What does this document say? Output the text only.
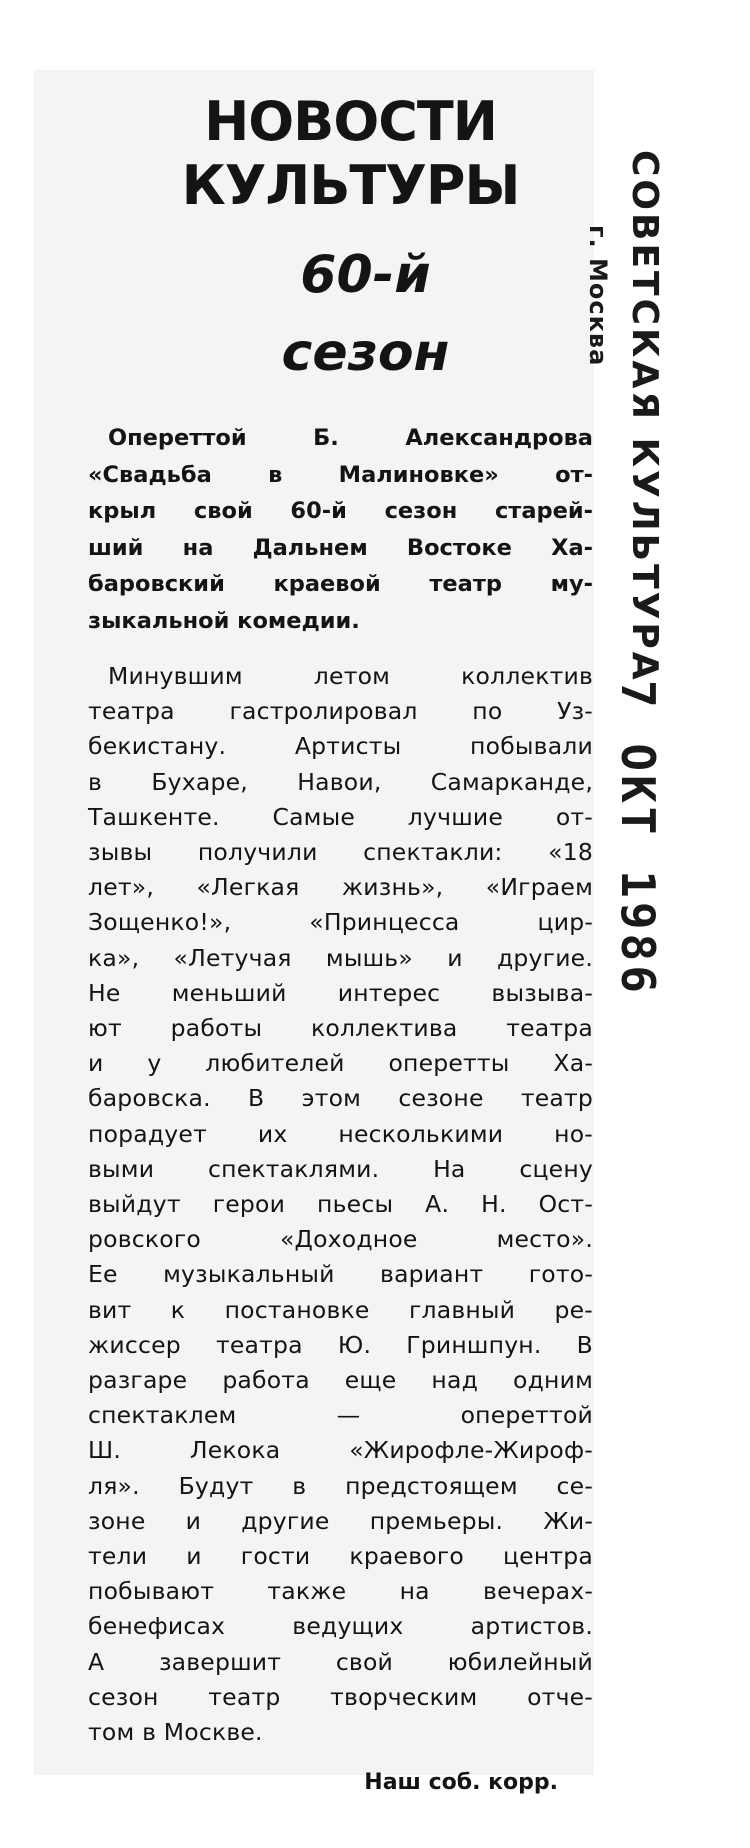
НОВОСТИ
КУЛЬТУРЫ
60-й
сезон
Опереттой Б. Александрова
«Свадьба в Малиновке» от-
крыл свой 60-й сезон старей-
ший на Дальнем Востоке Ха-
баровский краевой театр му-
зыкальной комедии.
Минувшим летом коллектив
театра гастролировал по Уз-
бекистану. Артисты побывали
в Бухаре, Навои, Самарканде,
Ташкенте. Самые лучшие от-
зывы получили спектакли: «18
лет», «Легкая жизнь», «Играем
Зощенко!», «Принцесса цир-
ка», «Летучая мышь» и другие.
Не меньший интерес вызыва-
ют работы коллектива театра
и у любителей оперетты Ха-
баровска. В этом сезоне театр
порадует их несколькими но-
выми спектаклями. На сцену
выйдут герои пьесы А. Н. Ост-
ровского «Доходное место».
Ее музыкальный вариант гото-
вит к постановке главный ре-
жиссер театра Ю. Гриншпун. В
разгаре работа еще над одним
спектаклем — опереттой
Ш. Лекока «Жирофле-Жироф-
ля». Будут в предстоящем се-
зоне и другие премьеры. Жи-
тели и гости краевого центра
побывают также на вечерах-
бенефисах ведущих артистов.
А завершит свой юбилейный
сезон театр творческим отче-
том в Москве.
Наш соб. корр.
СОВЕТСКАЯ КУЛЬТУРА
г. Москва
7 ОКТ 1986
